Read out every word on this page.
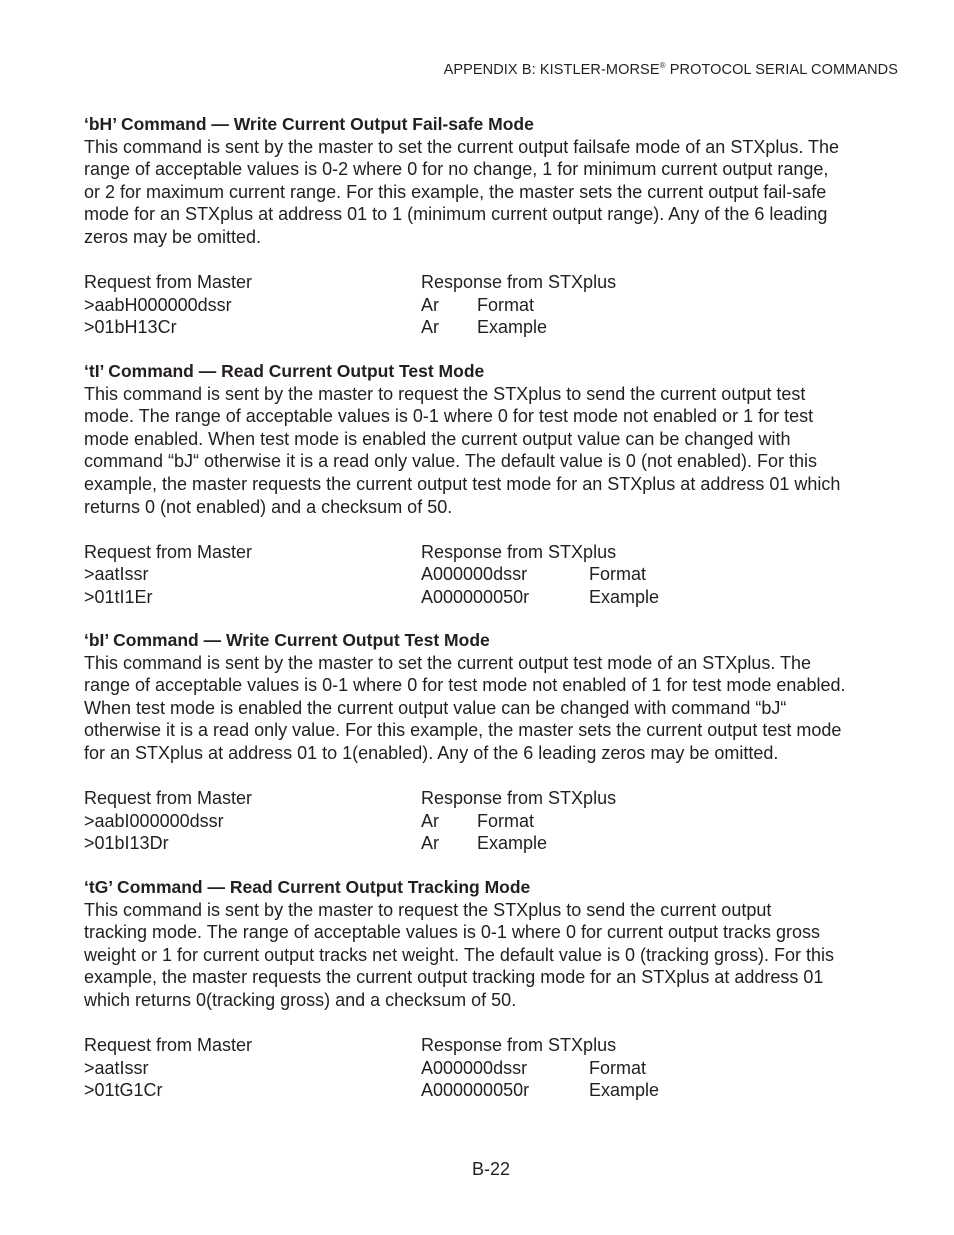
APPENDIX B: KISTLER-MORSE® PROTOCOL SERIAL COMMANDS
‘bH’ Command — Write Current Output Fail-safe Mode
This command is sent by the master to set the current output failsafe mode of an STXplus. The
range of acceptable values is 0-2 where 0 for no change, 1 for minimum current output range,
or 2 for maximum current range. For this example, the master sets the current output fail-safe
mode for an STXplus at address 01 to 1 (minimum current output range). Any of the 6 leading
zeros may be omitted.
Request from Master	Response from STXplus
>aabH000000dssr	Ar Format
>01bH13Cr	Ar Example
‘tI’ Command — Read Current Output Test Mode
This command is sent by the master to request the STXplus to send the current output test
mode. The range of acceptable values is 0-1 where 0 for test mode not enabled or 1 for test
mode enabled. When test mode is enabled the current output value can be changed with
command “bJ“ otherwise it is a read only value. The default value is 0 (not enabled). For this
example, the master requests the current output test mode for an STXplus at address 01 which
returns 0 (not enabled) and a checksum of 50.
Request from Master	Response from STXplus
>aatIssr	A000000dssr	Format
>01tI1Er	A000000050r	Example
‘bI’ Command — Write Current Output Test Mode
This command is sent by the master to set the current output test mode of an STXplus. The
range of acceptable values is 0-1 where 0 for test mode not enabled of 1 for test mode enabled.
When test mode is enabled the current output value can be changed with command “bJ“
otherwise it is a read only value. For this example, the master sets the current output test mode
for an STXplus at address 01 to 1(enabled). Any of the 6 leading zeros may be omitted.
Request from Master	Response from STXplus
>aabI000000dssr	Ar Format
>01bI13Dr	Ar Example
‘tG’ Command — Read Current Output Tracking Mode
This command is sent by the master to request the STXplus to send the current output
tracking mode. The range of acceptable values is 0-1 where 0 for current output tracks gross
weight or 1 for current output tracks net weight. The default value is 0 (tracking gross). For this
example, the master requests the current output tracking mode for an STXplus at address 01
which returns 0(tracking gross) and a checksum of 50.
Request from Master	Response from STXplus
>aatIssr	A000000dssr	Format
>01tG1Cr	A000000050r	Example
B-22
